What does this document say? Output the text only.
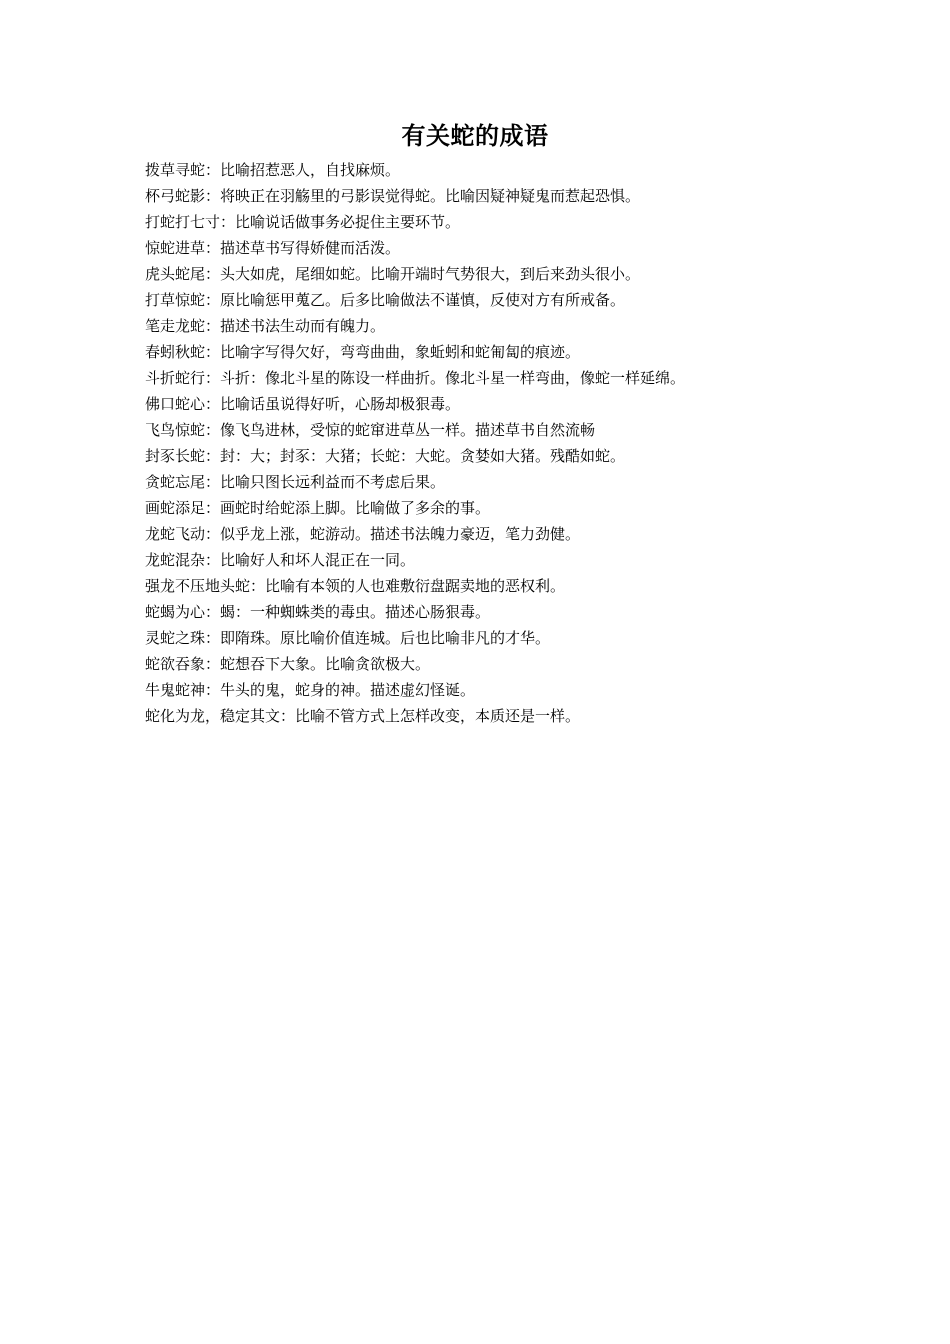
有关蛇的成语
拨草寻蛇：比喻招惹恶人，自找麻烦。
杯弓蛇影：将映正在羽觞里的弓影误觉得蛇。比喻因疑神疑鬼而惹起恐惧。
打蛇打七寸：比喻说话做事务必捉住主要环节。
惊蛇进草：描述草书写得娇健而活泼。
虎头蛇尾：头大如虎，尾细如蛇。比喻开端时气势很大，到后来劲头很小。
打草惊蛇：原比喻惩甲蒐乙。后多比喻做法不谨慎，反使对方有所戒备。
笔走龙蛇：描述书法生动而有魄力。
春蚓秋蛇：比喻字写得欠好，弯弯曲曲，象蚯蚓和蛇匍匐的痕迹。
斗折蛇行：斗折：像北斗星的陈设一样曲折。像北斗星一样弯曲，像蛇一样延绵。
佛口蛇心：比喻话虽说得好听，心肠却极狠毒。
飞鸟惊蛇：像飞鸟进林，受惊的蛇窜进草丛一样。描述草书自然流畅
封豕长蛇：封：大；封豕：大猪；长蛇：大蛇。贪婪如大猪。残酷如蛇。
贪蛇忘尾：比喻只图长远利益而不考虑后果。
画蛇添足：画蛇时给蛇添上脚。比喻做了多余的事。
龙蛇飞动：似乎龙上涨，蛇游动。描述书法魄力豪迈，笔力劲健。
龙蛇混杂：比喻好人和坏人混正在一同。
强龙不压地头蛇：比喻有本领的人也难敷衍盘踞卖地的恶权利。
蛇蝎为心：蝎：一种蜘蛛类的毒虫。描述心肠狠毒。
灵蛇之珠：即隋珠。原比喻价值连城。后也比喻非凡的才华。
蛇欲吞象：蛇想吞下大象。比喻贪欲极大。
牛鬼蛇神：牛头的鬼，蛇身的神。描述虚幻怪诞。
蛇化为龙，稳定其文：比喻不管方式上怎样改变，本质还是一样。
